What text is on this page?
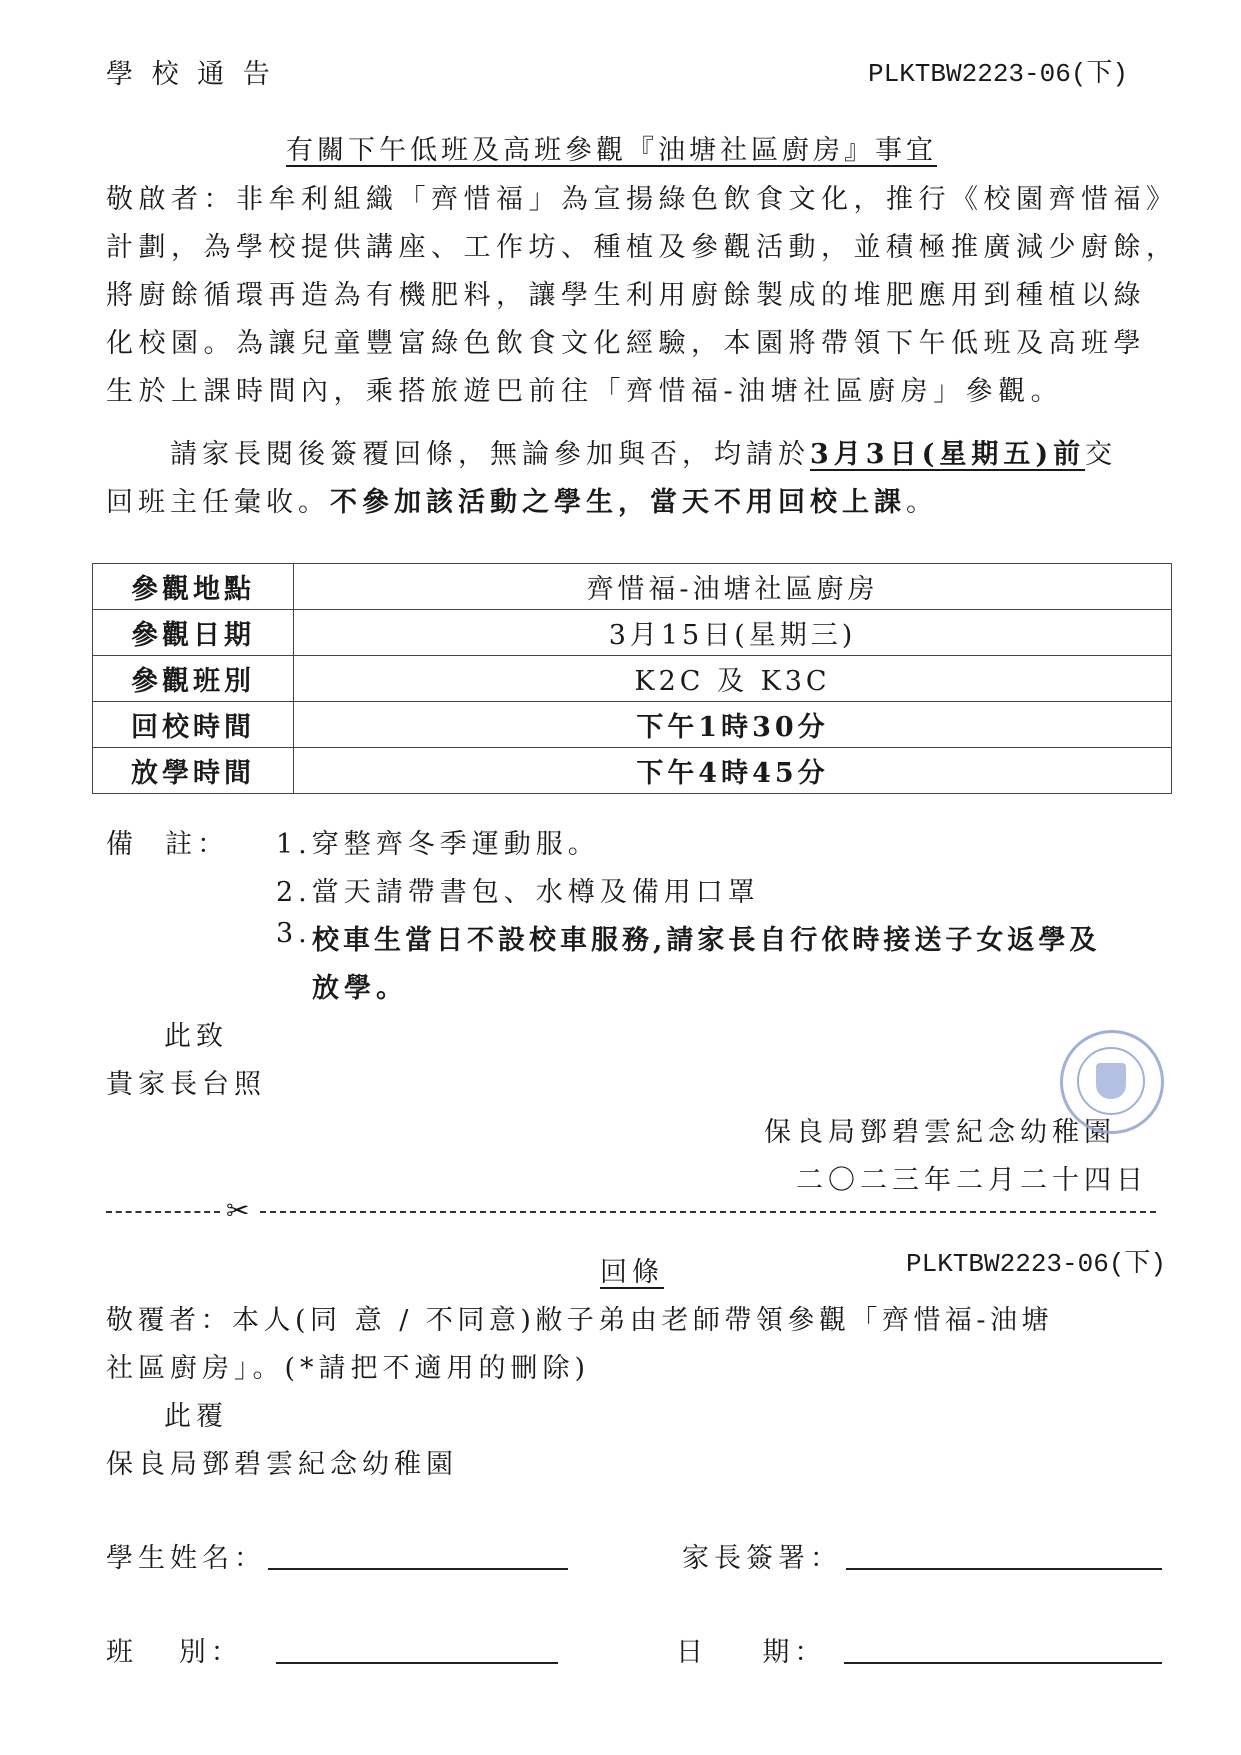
學 校 通 告	PLKTBW2223-06(下)
有關下午低班及高班參觀『油塘社區廚房』事宜
敬啟者：非牟利組織「齊惜福」為宣揚綠色飲食文化，推行《校園齊惜福》
計劃，為學校提供講座、工作坊、種植及參觀活動，並積極推廣減少廚餘，
將廚餘循環再造為有機肥料，讓學生利用廚餘製成的堆肥應用到種植以綠
化校園。為讓兒童豐富綠色飲食文化經驗，本園將帶領下午低班及高班學
生於上課時間內，乘搭旅遊巴前往「齊惜福-油塘社區廚房」參觀。
請家長閱後簽覆回條，無論參加與否，均請於3月3日(星期五)前交
回班主任彙收。不參加該活動之學生，當天不用回校上課。
參觀地點	齊惜福-油塘社區廚房
參觀日期	3月15日(星期三)
參觀班別	K2C 及 K3C
回校時間	下午1時30分
放學時間	下午4時45分
備  註： 1.穿整齊冬季運動服。
2.當天請帶書包、水樽及備用口罩
3. 校車生當日不設校車服務,請家長自行依時接送子女返學及
放學。
此致
貴家長台照
保良局鄧碧雲紀念幼稚園
二〇二三年二月二十四日
✂
回條	PLKTBW2223-06(下)
敬覆者：本人(同 意 / 不同意)敝子弟由老師帶領參觀「齊惜福-油塘
社區廚房」。(*請把不適用的刪除)
此覆
保良局鄧碧雲紀念幼稚園
學生姓名：	家長簽署：
班   別：	日    期：
